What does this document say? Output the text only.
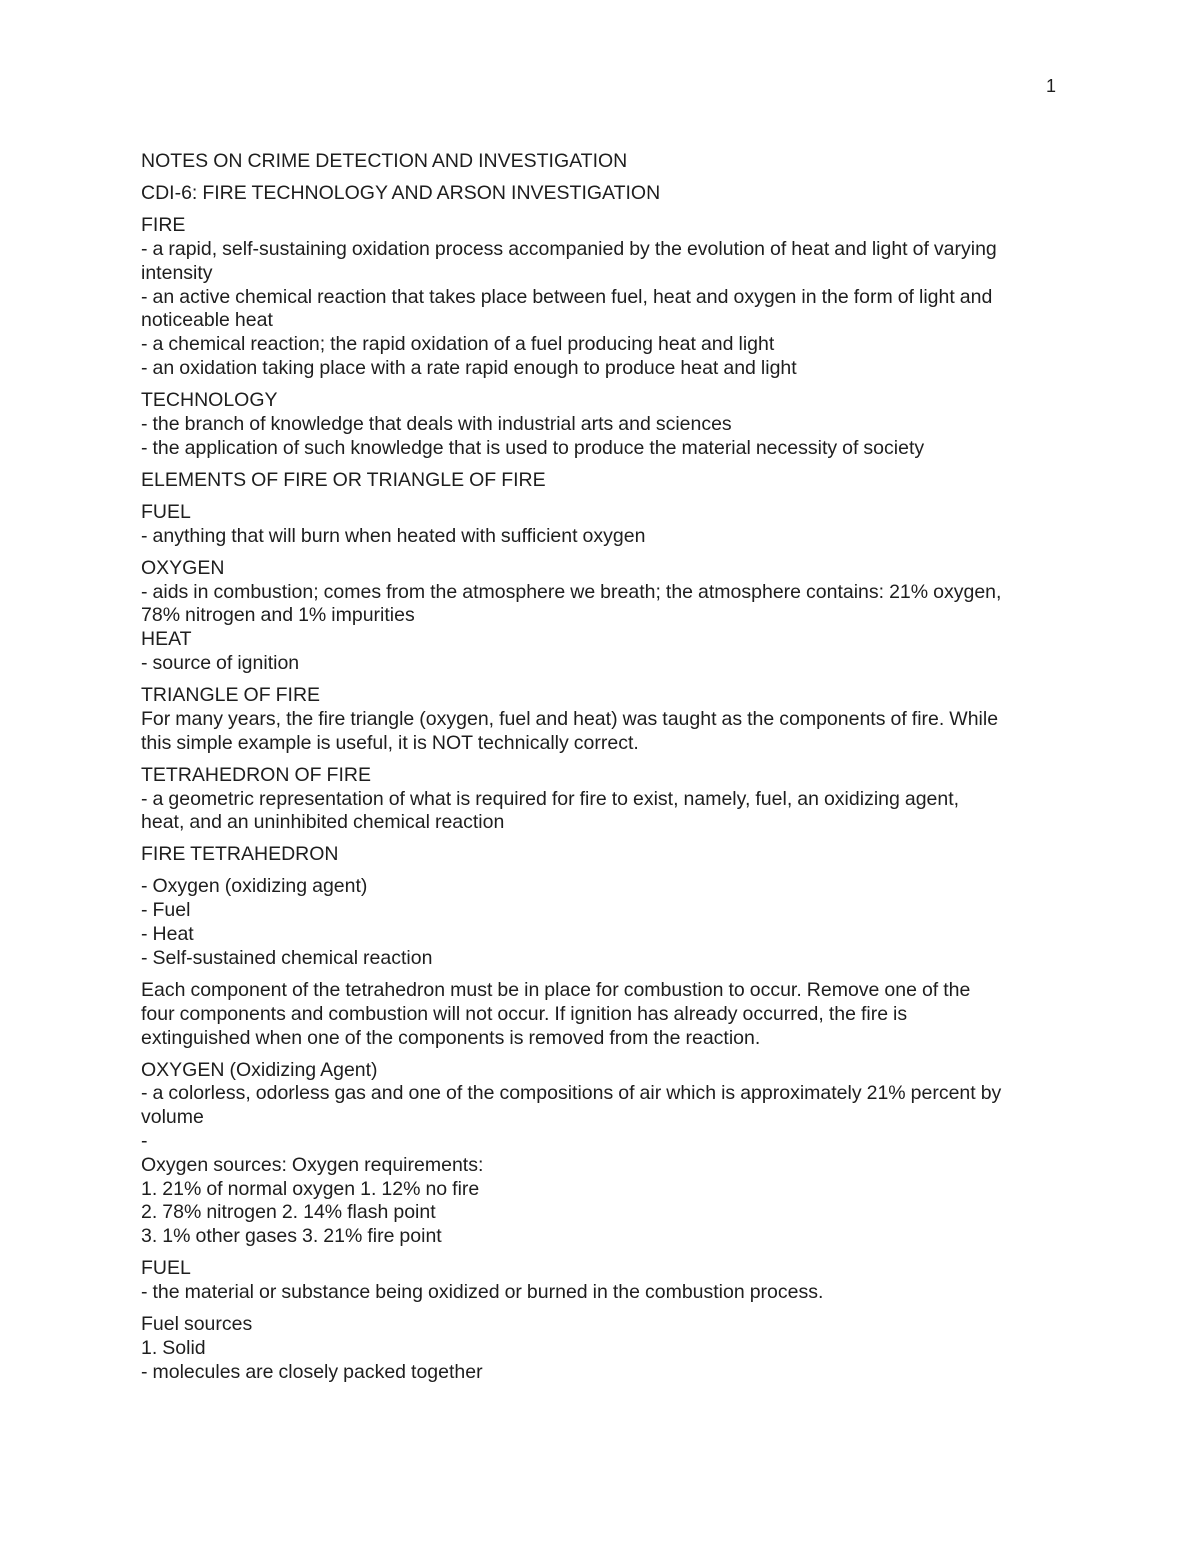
1
NOTES ON CRIME DETECTION AND INVESTIGATION
CDI-6: FIRE TECHNOLOGY AND ARSON INVESTIGATION
FIRE
- a rapid, self-sustaining oxidation process accompanied by the evolution of heat and light of varying
intensity
- an active chemical reaction that takes place between fuel, heat and oxygen in the form of light and
noticeable heat
- a chemical reaction; the rapid oxidation of a fuel producing heat and light
- an oxidation taking place with a rate rapid enough to produce heat and light
TECHNOLOGY
- the branch of knowledge that deals with industrial arts and sciences
- the application of such knowledge that is used to produce the material necessity of society
ELEMENTS OF FIRE OR TRIANGLE OF FIRE
FUEL
- anything that will burn when heated with sufficient oxygen
OXYGEN
- aids in combustion; comes from the atmosphere we breath; the atmosphere contains: 21% oxygen,
78% nitrogen and 1% impurities
HEAT
- source of ignition
TRIANGLE OF FIRE
For many years, the fire triangle (oxygen, fuel and heat) was taught as the components of fire. While
this simple example is useful, it is NOT technically correct.
TETRAHEDRON OF FIRE
- a geometric representation of what is required for fire to exist, namely, fuel, an oxidizing agent,
heat, and an uninhibited chemical reaction
FIRE TETRAHEDRON
- Oxygen (oxidizing agent)
- Fuel
- Heat
- Self-sustained chemical reaction
Each component of the tetrahedron must be in place for combustion to occur. Remove one of the
four components and combustion will not occur. If ignition has already occurred, the fire is
extinguished when one of the components is removed from the reaction.
OXYGEN (Oxidizing Agent)
- a colorless, odorless gas and one of the compositions of air which is approximately 21% percent by
volume
-
Oxygen sources: Oxygen requirements:
1. 21% of normal oxygen 1. 12% no fire
2. 78% nitrogen 2. 14% flash point
3. 1% other gases 3. 21% fire point
FUEL
- the material or substance being oxidized or burned in the combustion process.
Fuel sources
1. Solid
- molecules are closely packed together
